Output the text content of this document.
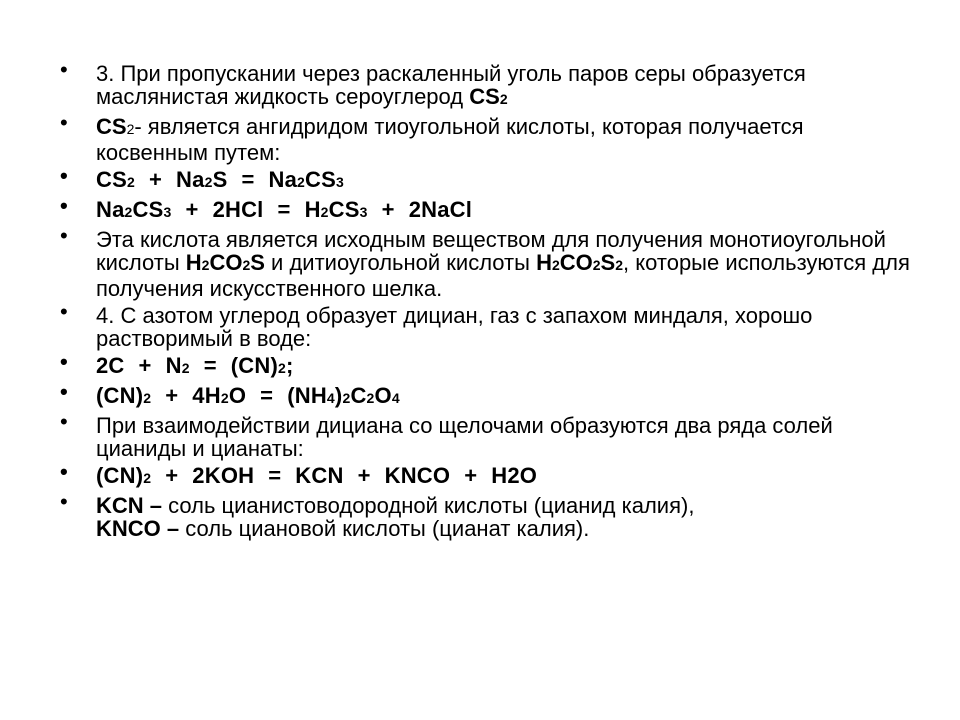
• 3. При пропускании через раскаленный уголь паров серы образуется маслянистая жидкость сероуглерод CS2
• CS2- является ангидридом тиоугольной кислоты, которая получается косвенным путем:
• CS2 + Na2S = Na2CS3
• Na2CS3 + 2HCl = H2CS3 + 2NaCl
• Эта кислота является исходным веществом для получения монотиоугольной кислоты H2CO2S и дитиоугольной кислоты H2CO2S2, которые используются для получения искусственного шелка.
• 4. С азотом углерод образует дициан, газ с запахом миндаля, хорошо растворимый в воде:
• 2C + N2 = (CN)2;
• (CN)2 + 4H2O = (NH4)2C2O4
• При взаимодействии дициана со щелочами образуются два ряда солей цианиды и цианаты:
• (CN)2 + 2KOH = KCN + KNCO + H2O
• KCN – соль цианистоводородной кислоты (цианид калия),
KNCO – соль циановой кислоты (цианат калия).
